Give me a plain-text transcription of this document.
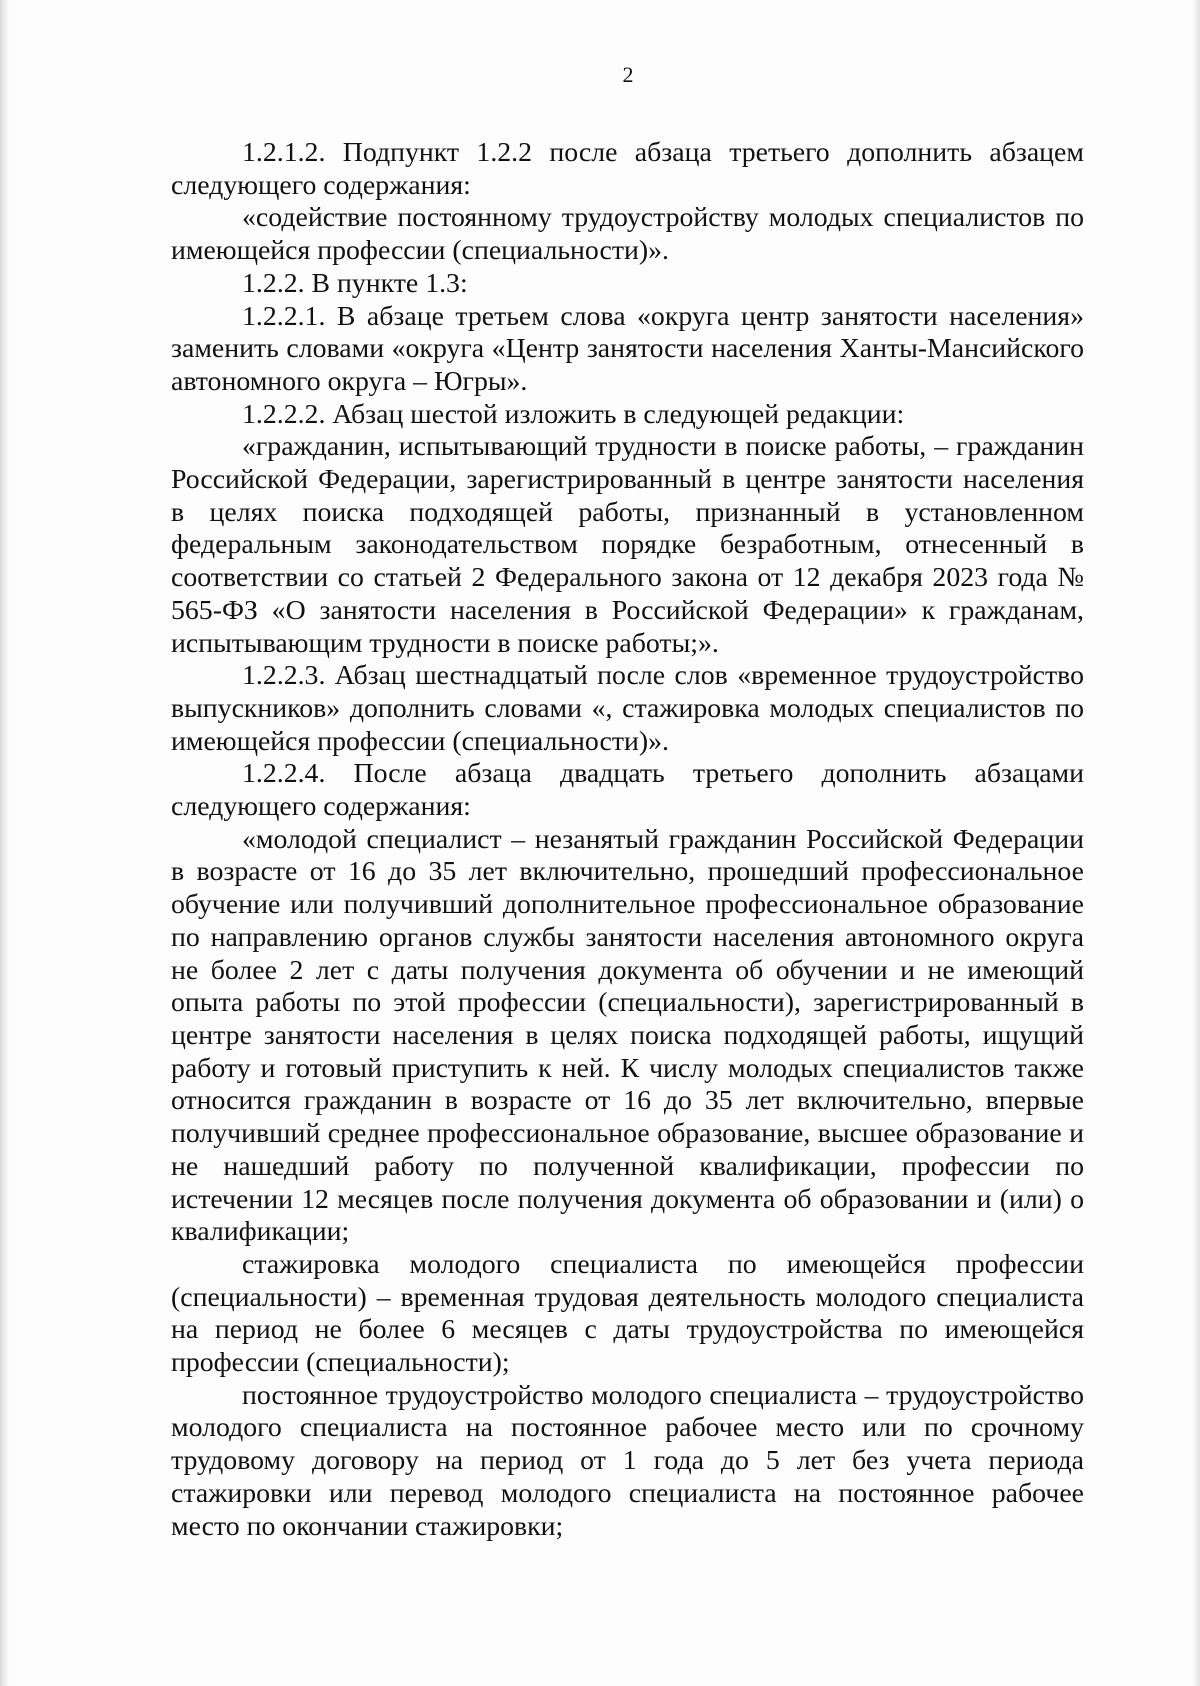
2

1.2.1.2. Подпункт 1.2.2 после абзаца третьего дополнить абзацем следующего содержания:

«содействие постоянному трудоустройству молодых специалистов по имеющейся профессии (специальности)».

1.2.2. В пункте 1.3:

1.2.2.1. В абзаце третьем слова «округа центр занятости населения» заменить словами «округа «Центр занятости населения Ханты-Мансийского автономного округа – Югры».

1.2.2.2. Абзац шестой изложить в следующей редакции:

«гражданин, испытывающий трудности в поиске работы, – гражданин Российской Федерации, зарегистрированный в центре занятости населения в целях поиска подходящей работы, признанный в установленном федеральным законодательством порядке безработным, отнесенный в соответствии со статьей 2 Федерального закона от 12 декабря 2023 года № 565-ФЗ «О занятости населения в Российской Федерации» к гражданам, испытывающим трудности в поиске работы;».

1.2.2.3. Абзац шестнадцатый после слов «временное трудоустройство выпускников» дополнить словами «, стажировка молодых специалистов по имеющейся профессии (специальности)».

1.2.2.4. После абзаца двадцать третьего дополнить абзацами следующего содержания:

«молодой специалист – незанятый гражданин Российской Федерации в возрасте от 16 до 35 лет включительно, прошедший профессиональное обучение или получивший дополнительное профессиональное образование по направлению органов службы занятости населения автономного округа не более 2 лет с даты получения документа об обучении и не имеющий опыта работы по этой профессии (специальности), зарегистрированный в центре занятости населения в целях поиска подходящей работы, ищущий работу и готовый приступить к ней. К числу молодых специалистов также относится гражданин в возрасте от 16 до 35 лет включительно, впервые получивший среднее профессиональное образование, высшее образование и не нашедший работу по полученной квалификации, профессии по истечении 12 месяцев после получения документа об образовании и (или) о квалификации;

стажировка молодого специалиста по имеющейся профессии (специальности) – временная трудовая деятельность молодого специалиста на период не более 6 месяцев с даты трудоустройства по имеющейся профессии (специальности);

постоянное трудоустройство молодого специалиста – трудоустройство молодого специалиста на постоянное рабочее место или по срочному трудовому договору на период от 1 года до 5 лет без учета периода стажировки или перевод молодого специалиста на постоянное рабочее место по окончании стажировки;
